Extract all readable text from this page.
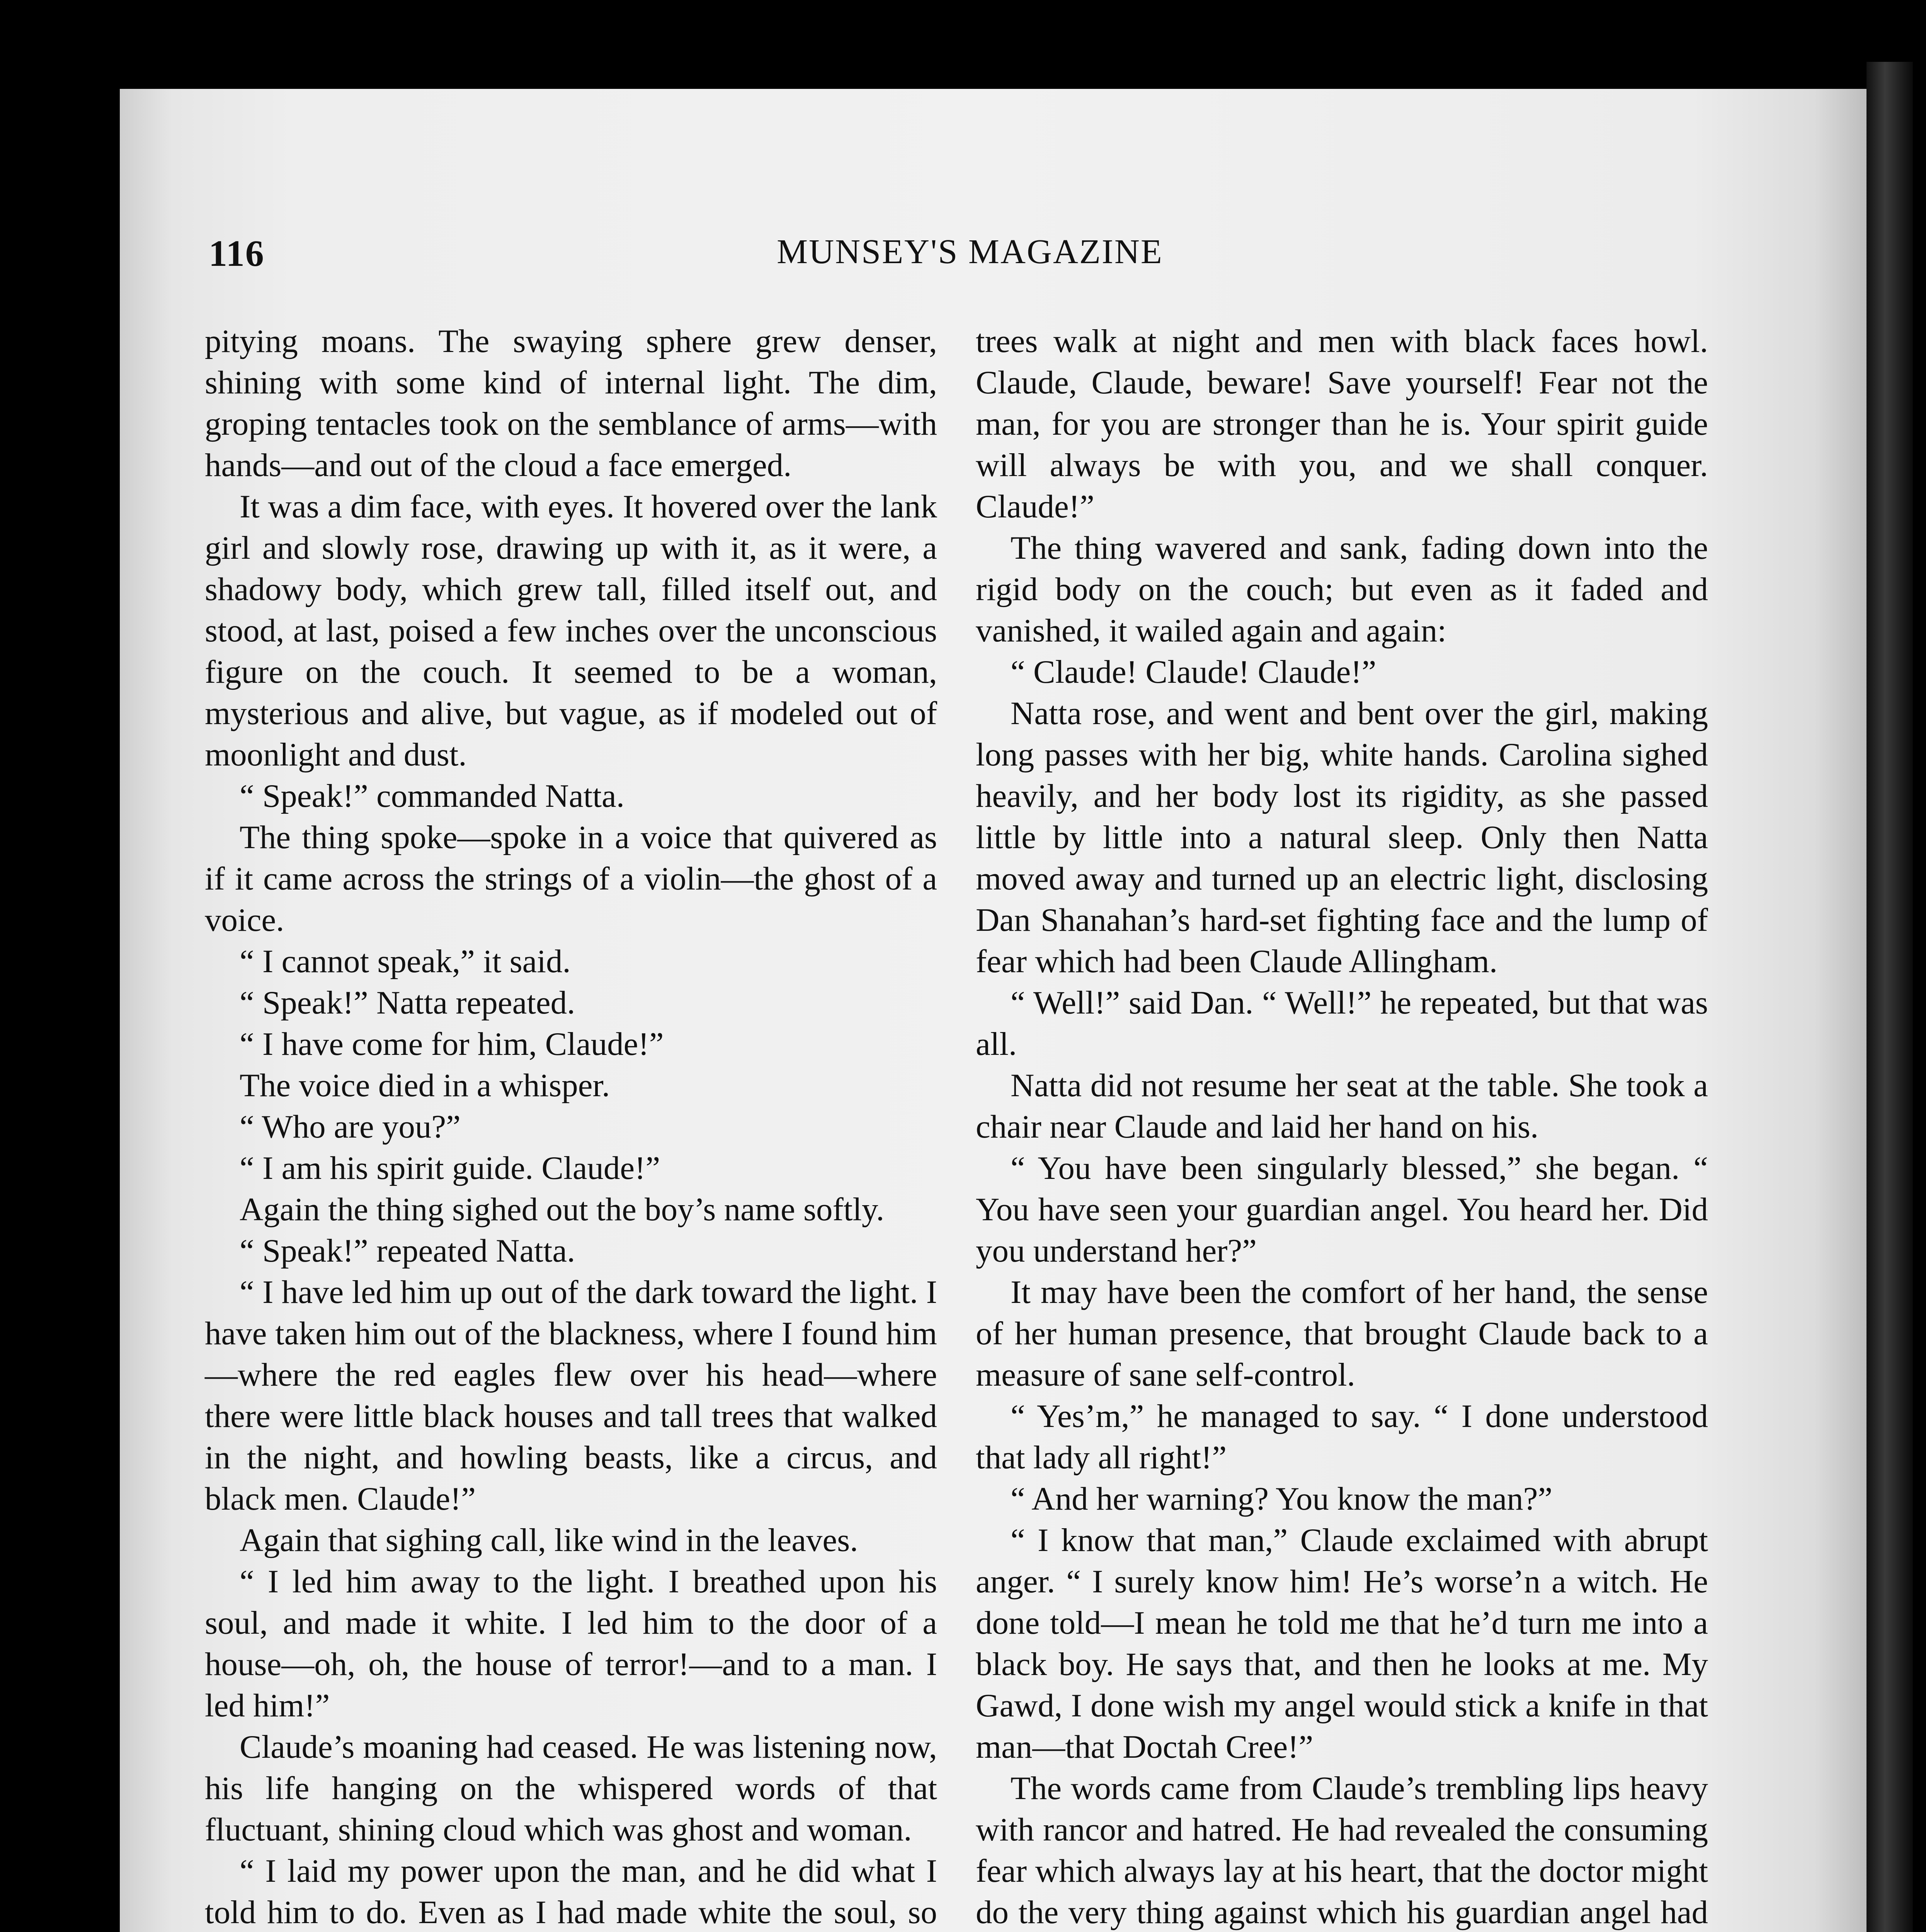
116	MUNSEY'S MAGAZINE

pitying moans. The swaying sphere grew denser, shining with some kind of internal light. The dim, groping tentacles took on the semblance of arms—with hands—and out of the cloud a face emerged.

It was a dim face, with eyes. It hovered over the lank girl and slowly rose, drawing up with it, as it were, a shadowy body, which grew tall, filled itself out, and stood, at last, poised a few inches over the unconscious figure on the couch. It seemed to be a woman, mysterious and alive, but vague, as if modeled out of moonlight and dust.

“ Speak!” commanded Natta.

The thing spoke—spoke in a voice that quivered as if it came across the strings of a violin—the ghost of a voice.

“ I cannot speak,” it said.

“ Speak!” Natta repeated.

“ I have come for him, Claude!”

The voice died in a whisper.

“ Who are you?”

“ I am his spirit guide. Claude!”

Again the thing sighed out the boy’s name softly.

“ Speak!” repeated Natta.

“ I have led him up out of the dark toward the light. I have taken him out of the blackness, where I found him—where the red eagles flew over his head—where there were little black houses and tall trees that walked in the night, and howling beasts, like a circus, and black men. Claude!”

Again that sighing call, like wind in the leaves.

“ I led him away to the light. I breathed upon his soul, and made it white. I led him to the door of a house—oh, oh, the house of terror!—and to a man. I led him!”

Claude’s moaning had ceased. He was listening now, his life hanging on the whispered words of that fluctuant, shining cloud which was ghost and woman.

“ I laid my power upon the man, and he did what I told him to do. Even as I had made white the soul, so

trees walk at night and men with black faces howl. Claude, Claude, beware! Save yourself! Fear not the man, for you are stronger than he is. Your spirit guide will always be with you, and we shall conquer. Claude!”

The thing wavered and sank, fading down into the rigid body on the couch; but even as it faded and vanished, it wailed again and again:

“ Claude! Claude! Claude!”

Natta rose, and went and bent over the girl, making long passes with her big, white hands. Carolina sighed heavily, and her body lost its rigidity, as she passed little by little into a natural sleep. Only then Natta moved away and turned up an electric light, disclosing Dan Shanahan’s hard-set fighting face and the lump of fear which had been Claude Allingham.

“ Well!” said Dan. “ Well!” he repeated, but that was all.

Natta did not resume her seat at the table. She took a chair near Claude and laid her hand on his.

“ You have been singularly blessed,” she began. “ You have seen your guardian angel. You heard her. Did you understand her?”

It may have been the comfort of her hand, the sense of her human presence, that brought Claude back to a measure of sane self-control.

“ Yes’m,” he managed to say. “ I done understood that lady all right!”

“ And her warning? You know the man?”

“ I know that man,” Claude exclaimed with abrupt anger. “ I surely know him! He’s worse’n a witch. He done told—I mean he told me that he’d turn me into a black boy. He says that, and then he looks at me. My Gawd, I done wish my angel would stick a knife in that man—that Doctah Cree!”

The words came from Claude’s trembling lips heavy with rancor and hatred. He had revealed the consuming fear which always lay at his heart, that the doctor might do the very thing against which his guardian angel had
